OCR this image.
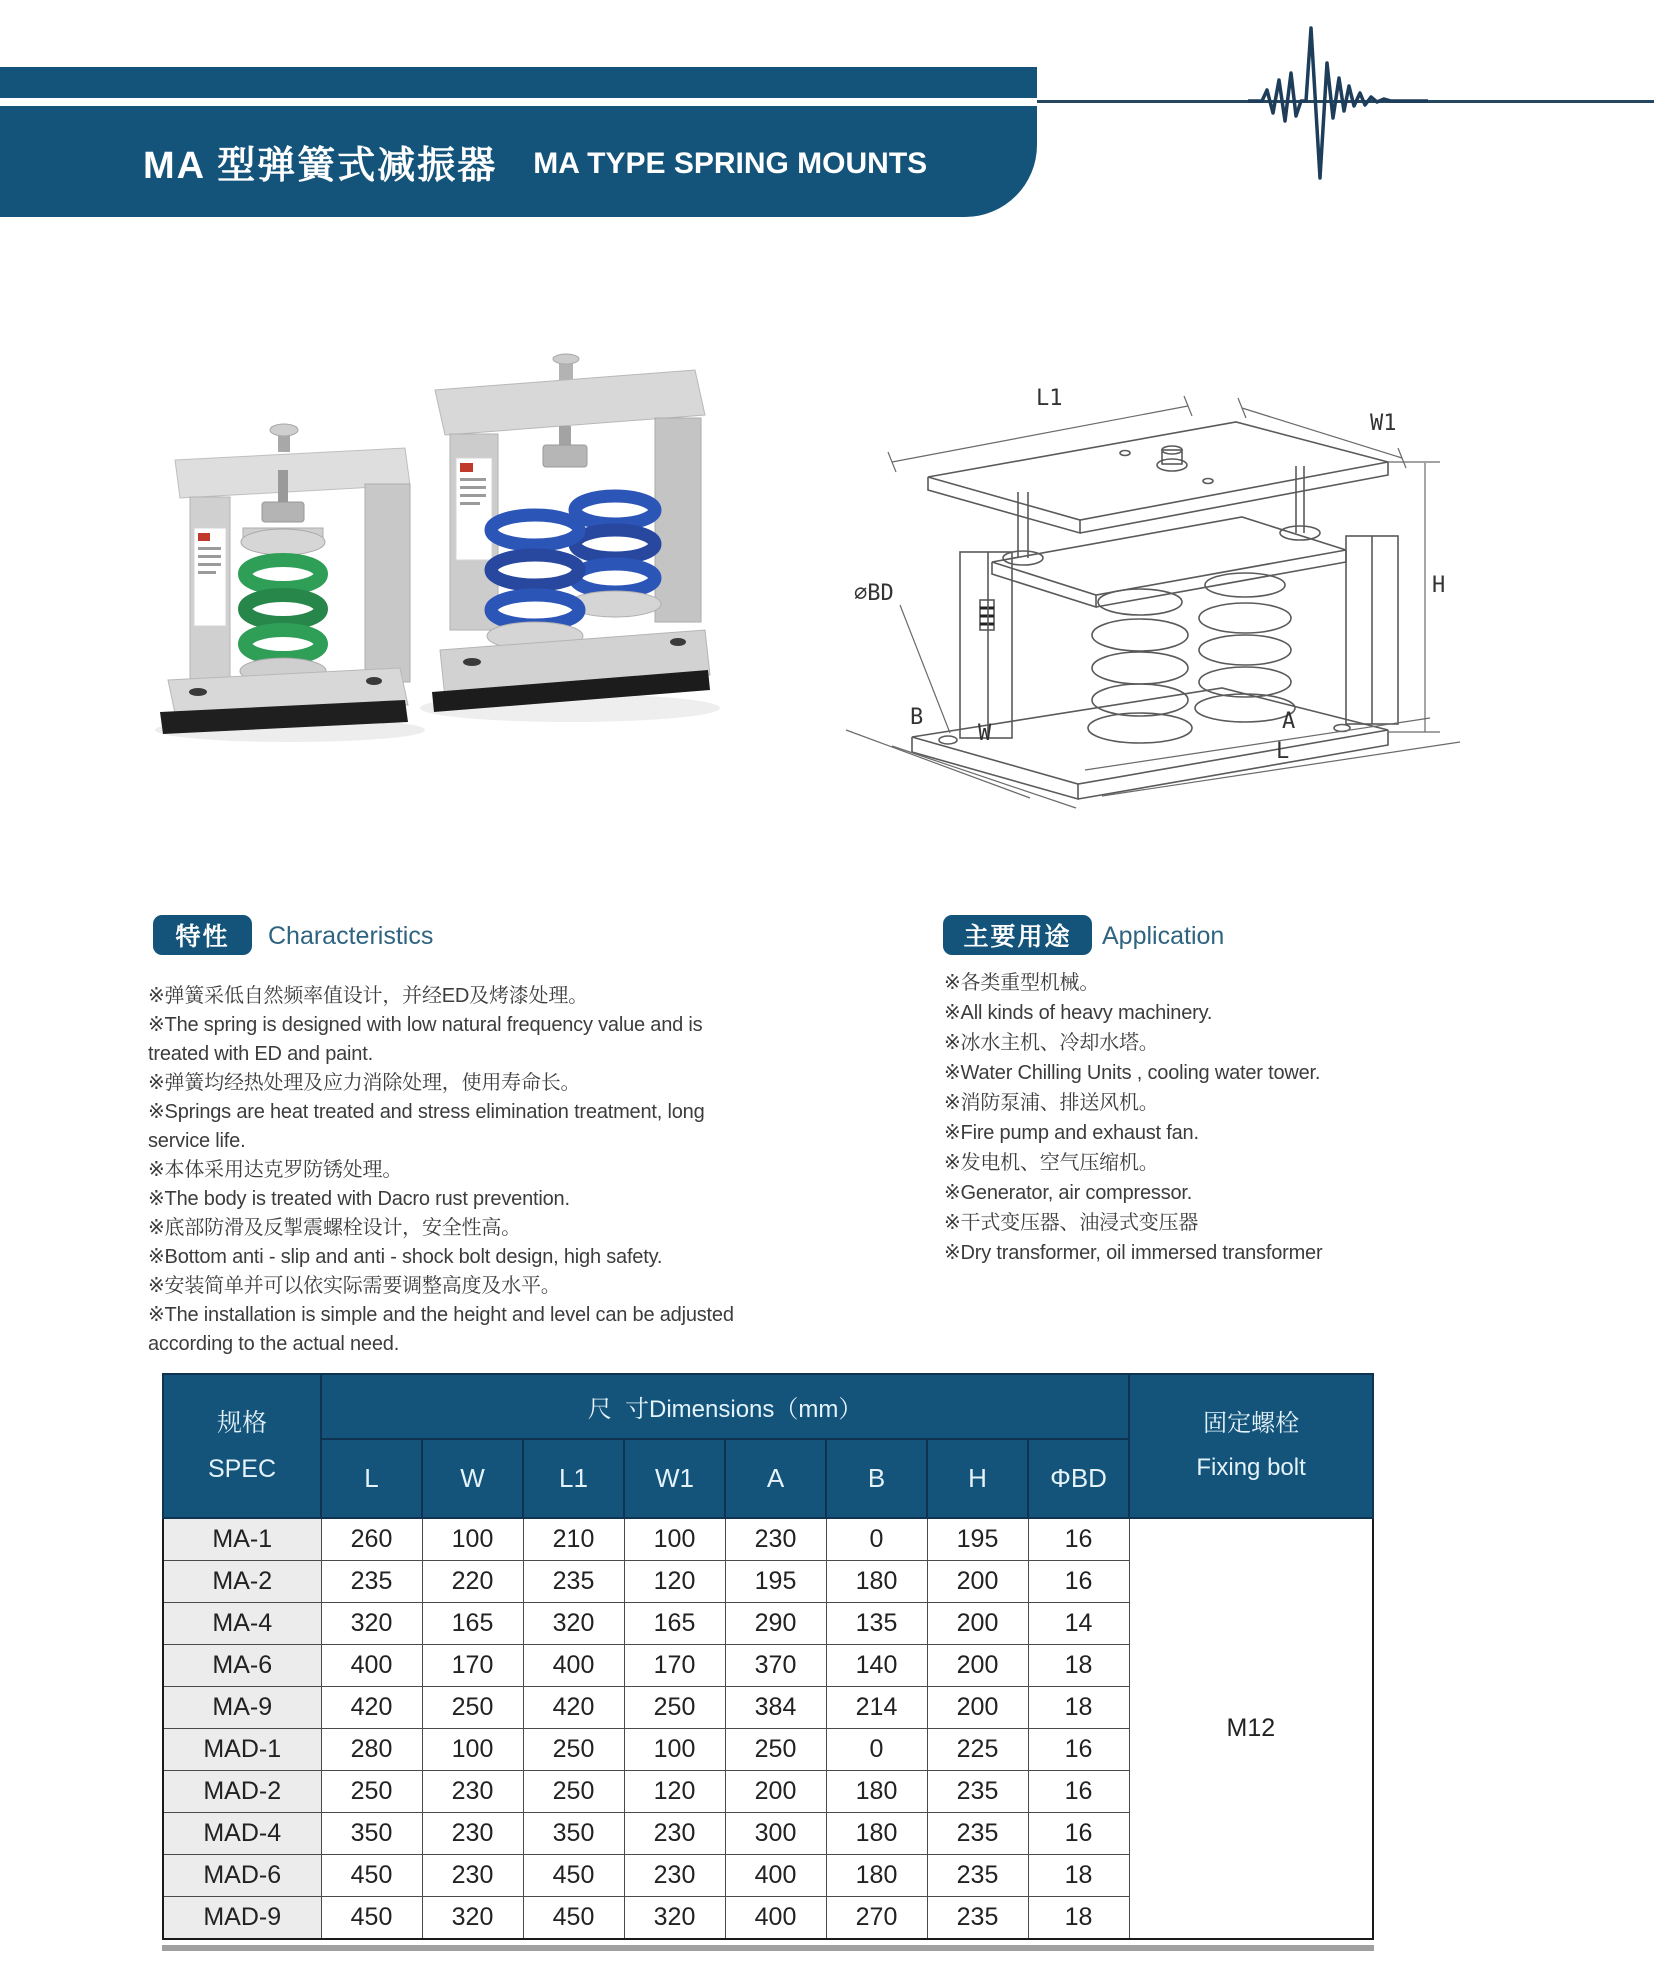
MA 型弹簧式减振器 MA TYPE SPRING MOUNTS
L1
W1
H
∅BD
B
W	A
L
特性	Characteristics
※弹簧采低自然频率值设计，并经ED及烤漆处理。
※The spring is designed with low natural frequency value and is treated with ED and paint.
※弹簧均经热处理及应力消除处理，使用寿命长。
※Springs are heat treated and stress elimination treatment, long service life.
※本体采用达克罗防锈处理。
※The body is treated with Dacro rust prevention.
※底部防滑及反掣震螺栓设计，安全性高。
※Bottom anti - slip and anti - shock bolt design, high safety.
※安装简单并可以依实际需要调整高度及水平。
※The installation is simple and the height and level can be adjusted according to the actual need.
主要用途	Application
※各类重型机械。
※All kinds of heavy machinery.
※冰水主机、冷却水塔。
※Water Chilling Units , cooling water tower.
※消防泵浦、排送风机。
※Fire pump and exhaust fan.
※发电机、空气压缩机。
※Generator, air compressor.
※干式变压器、油浸式变压器
※Dry transformer, oil immersed transformer
规格
SPEC
	尺  寸Dimensions（mm）	
固定螺栓
Fixing bolt

	L	W	L1	W1	A	B	H	ΦBD	
MA-1	260	100	210	100	230	0	195	16	M12
MA-2	235	220	235	120	195	180	200	16	
MA-4	320	165	320	165	290	135	200	14	
MA-6	400	170	400	170	370	140	200	18	
MA-9	420	250	420	250	384	214	200	18	
MAD-1	280	100	250	100	250	0	225	16	
MAD-2	250	230	250	120	200	180	235	16	
MAD-4	350	230	350	230	300	180	235	16	
MAD-6	450	230	450	230	400	180	235	18	
MAD-9	450	320	450	320	400	270	235	18	
